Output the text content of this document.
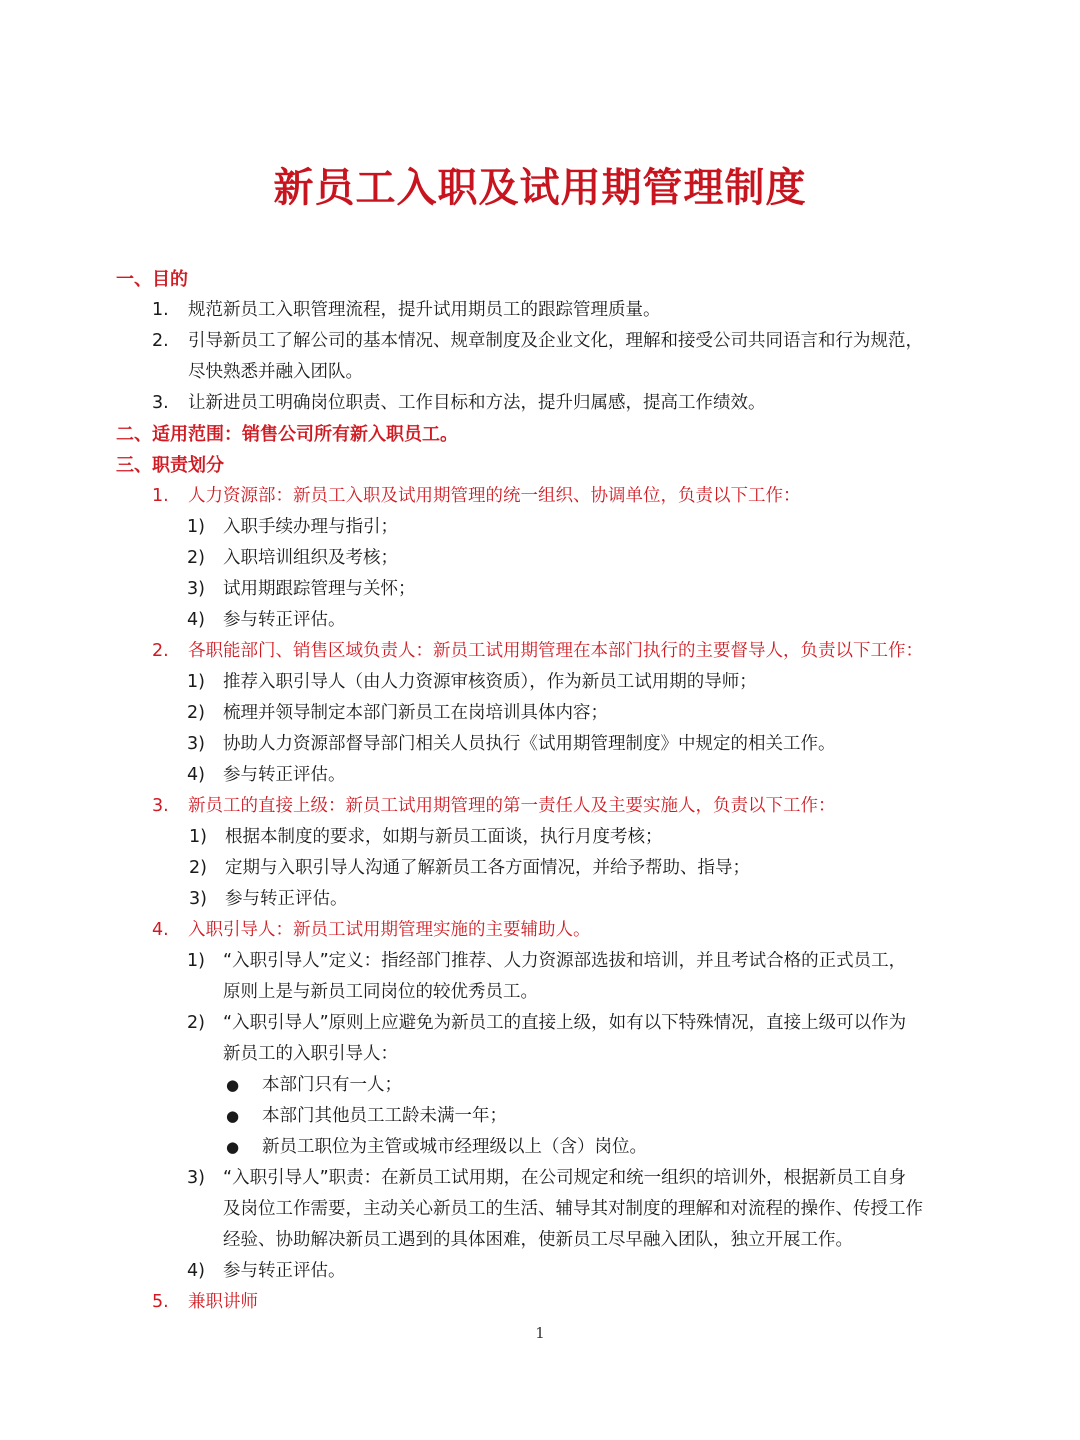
新员工入职及试用期管理制度
一、目的
1. 规范新员工入职管理流程，提升试用期员工的跟踪管理质量。
2. 引导新员工了解公司的基本情况、规章制度及企业文化，理解和接受公司共同语言和行为规范，
尽快熟悉并融入团队。
3. 让新进员工明确岗位职责、工作目标和方法，提升归属感，提高工作绩效。
二、适用范围：销售公司所有新入职员工。
三、职责划分
1. 人力资源部：新员工入职及试用期管理的统一组织、协调单位，负责以下工作：
1) 入职手续办理与指引；
2) 入职培训组织及考核；
3) 试用期跟踪管理与关怀；
4) 参与转正评估。
2. 各职能部门、销售区域负责人：新员工试用期管理在本部门执行的主要督导人，负责以下工作：
1) 推荐入职引导人（由人力资源审核资质），作为新员工试用期的导师；
2) 梳理并领导制定本部门新员工在岗培训具体内容；
3) 协助人力资源部督导部门相关人员执行《试用期管理制度》中规定的相关工作。
4) 参与转正评估。
3. 新员工的直接上级：新员工试用期管理的第一责任人及主要实施人，负责以下工作：
1) 根据本制度的要求，如期与新员工面谈，执行月度考核；
2) 定期与入职引导人沟通了解新员工各方面情况，并给予帮助、指导；
3) 参与转正评估。
4. 入职引导人：新员工试用期管理实施的主要辅助人。
1) “入职引导人”定义：指经部门推荐、人力资源部选拔和培训，并且考试合格的正式员工，
原则上是与新员工同岗位的较优秀员工。
2) “入职引导人”原则上应避免为新员工的直接上级，如有以下特殊情况，直接上级可以作为
新员工的入职引导人：
● 本部门只有一人；
● 本部门其他员工工龄未满一年；
● 新员工职位为主管或城市经理级以上（含）岗位。
3) “入职引导人”职责：在新员工试用期，在公司规定和统一组织的培训外，根据新员工自身
及岗位工作需要，主动关心新员工的生活、辅导其对制度的理解和对流程的操作、传授工作
经验、协助解决新员工遇到的具体困难，使新员工尽早融入团队，独立开展工作。
4) 参与转正评估。
5. 兼职讲师
1
